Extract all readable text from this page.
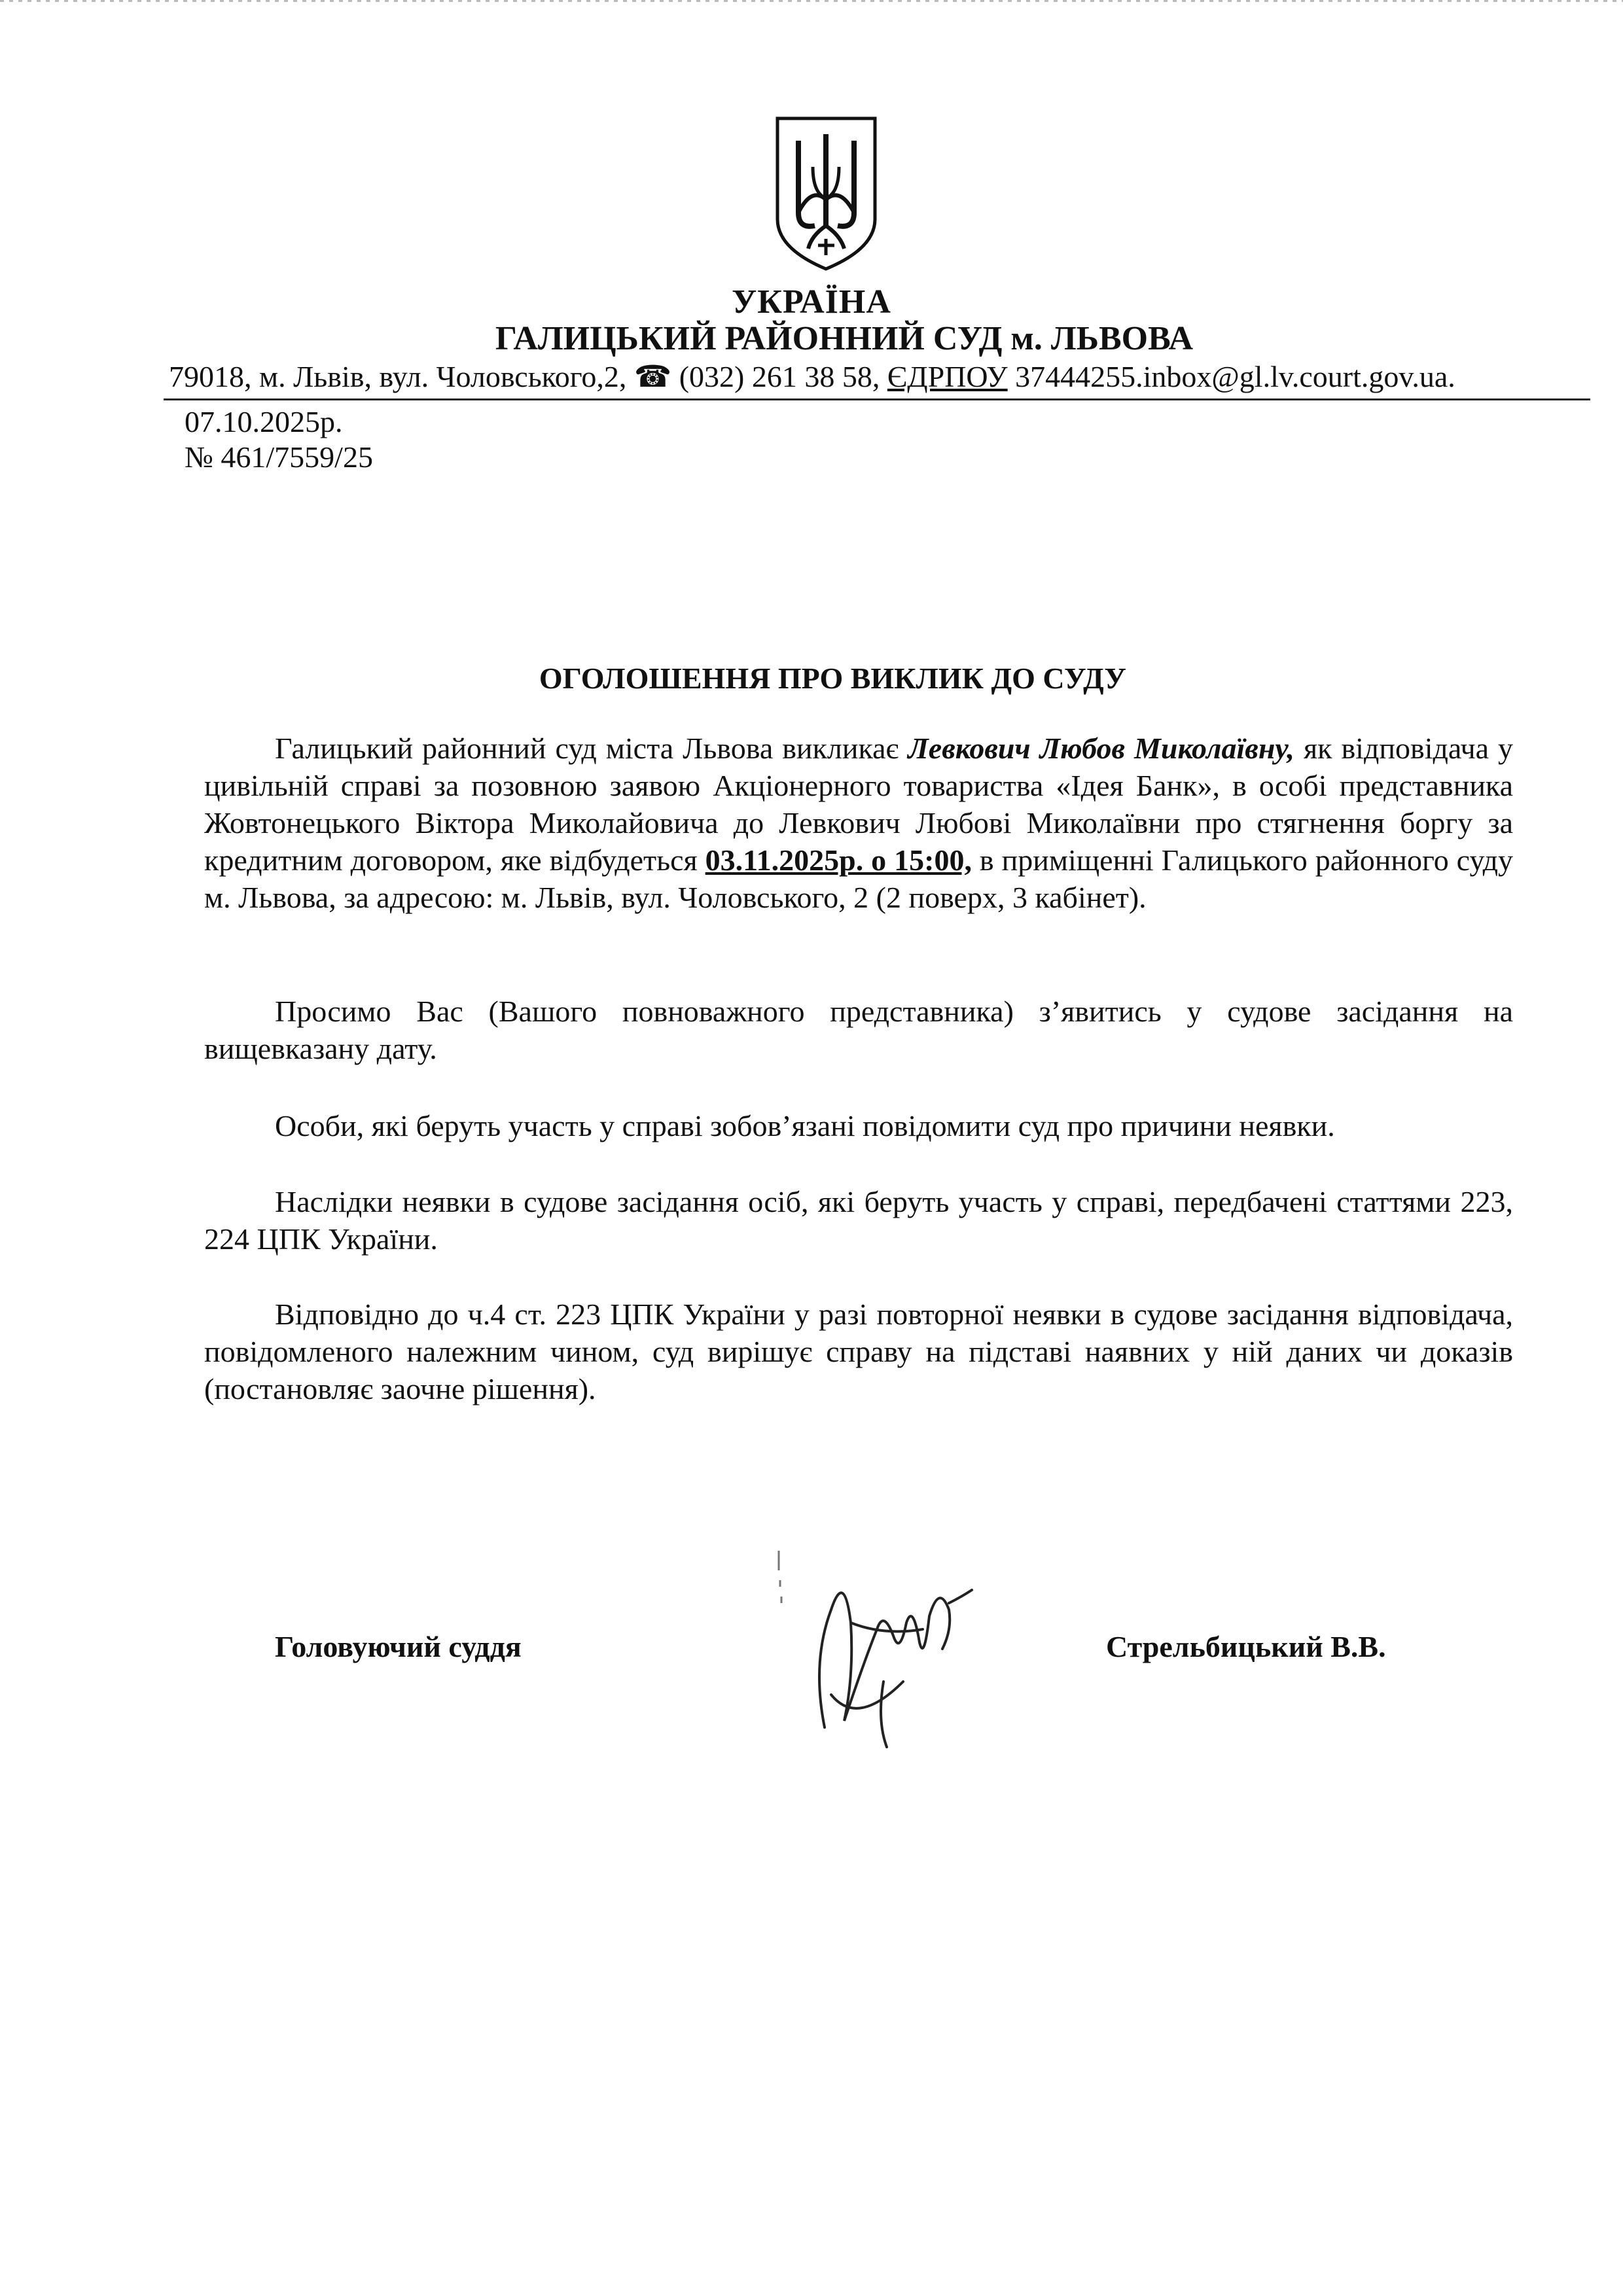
УКРАЇНА
ГАЛИЦЬКИЙ РАЙОННИЙ СУД м. ЛЬВОВА
79018, м. Львів, вул. Чоловського,2, ☎ (032) 261 38 58, ЄДРПОУ 37444255.inbox@gl.lv.court.gov.ua.
07.10.2025р.
№ 461/7559/25
ОГОЛОШЕННЯ ПРО ВИКЛИК ДО СУДУ

Галицький районний суд міста Львова викликає Левкович Любов Миколаївну, як відповідача у цивільній справі за позовною заявою Акціонерного товариства «Ідея Банк», в особі представника Жовтонецького Віктора Миколайовича до Левкович Любові Миколаївни про стягнення боргу за кредитним договором, яке відбудеться 03.11.2025р. о 15:00, в приміщенні Галицького районного суду м. Львова, за адресою: м. Львів, вул. Чоловського, 2 (2 поверх, 3 кабінет).

Просимо Вас (Вашого повноважного представника) з’явитись у судове засідання на вищевказану дату.

Особи, які беруть участь у справі зобов’язані повідомити суд про причини неявки.

Наслідки неявки в судове засідання осіб, які беруть участь у справі, передбачені статтями 223, 224 ЦПК України.

Відповідно до ч.4 ст. 223 ЦПК України у разі повторної неявки в судове засідання відповідача, повідомленого належним чином, суд вирішує справу на підставі наявних у ній даних чи доказів (постановляє заочне рішення).

Головуючий суддя	Стрельбицький В.В.
